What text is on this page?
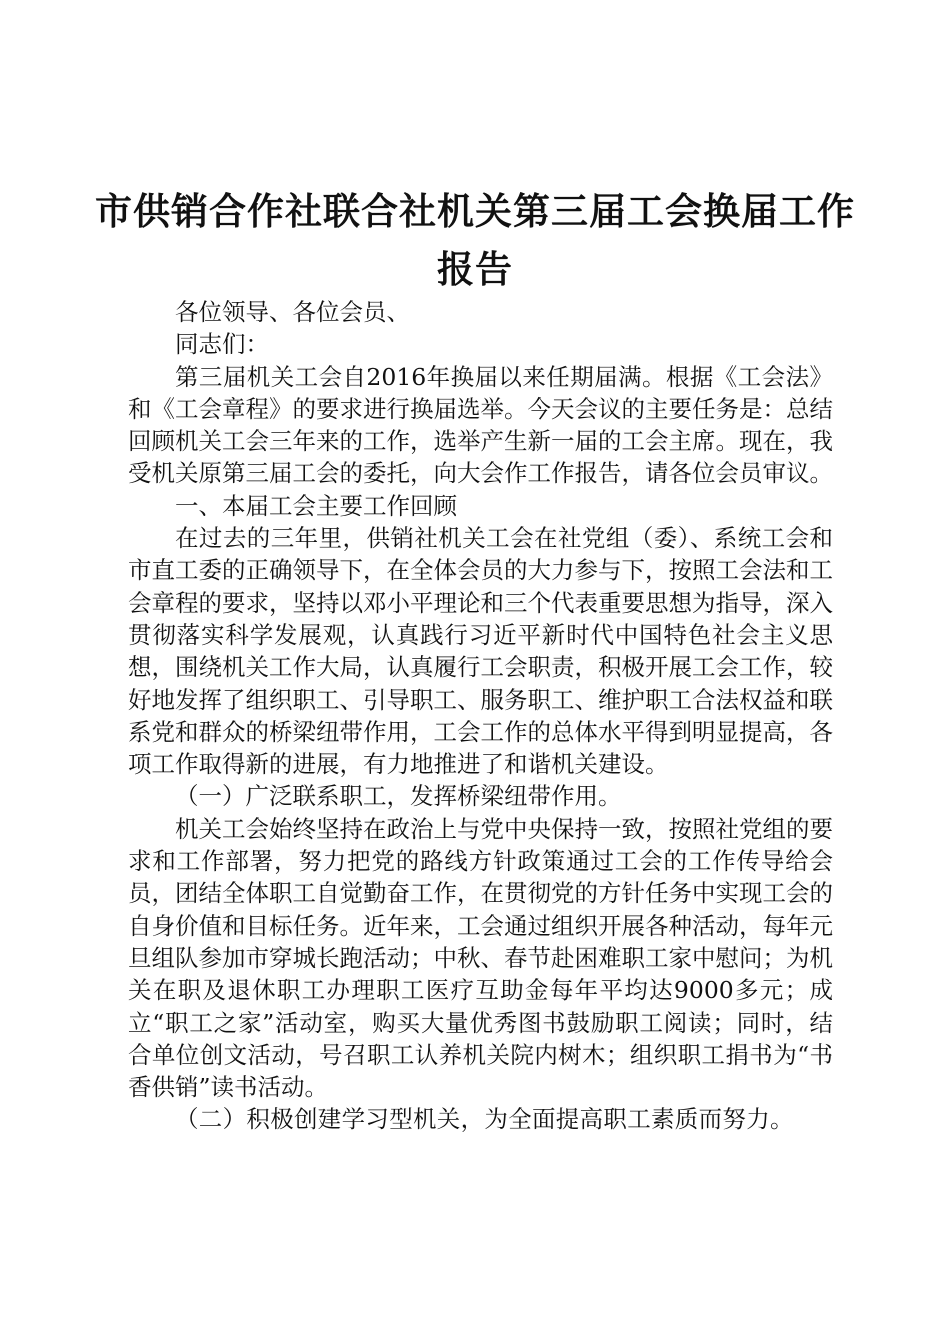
市供销合作社联合社机关第三届工会换届工作
报告

各位领导、各位会员、

同志们：

第三届机关工会自2016年换届以来任期届满。根据《工会法》和《工会章程》的要求进行换届选举。今天会议的主要任务是：总结回顾机关工会三年来的工作，选举产生新一届的工会主席。现在，我受机关原第三届工会的委托，向大会作工作报告，请各位会员审议。

一、本届工会主要工作回顾

在过去的三年里，供销社机关工会在社党组（委）、系统工会和市直工委的正确领导下，在全体会员的大力参与下，按照工会法和工会章程的要求，坚持以邓小平理论和三个代表重要思想为指导，深入贯彻落实科学发展观，认真践行习近平新时代中国特色社会主义思想，围绕机关工作大局，认真履行工会职责，积极开展工会工作，较好地发挥了组织职工、引导职工、服务职工、维护职工合法权益和联系党和群众的桥梁纽带作用，工会工作的总体水平得到明显提高，各项工作取得新的进展，有力地推进了和谐机关建设。

（一）广泛联系职工，发挥桥梁纽带作用。

机关工会始终坚持在政治上与党中央保持一致，按照社党组的要求和工作部署，努力把党的路线方针政策通过工会的工作传导给会员，团结全体职工自觉勤奋工作，在贯彻党的方针任务中实现工会的自身价值和目标任务。近年来，工会通过组织开展各种活动，每年元旦组队参加市穿城长跑活动；中秋、春节赴困难职工家中慰问；为机关在职及退休职工办理职工医疗互助金每年平均达9000多元；成立“职工之家”活动室，购买大量优秀图书鼓励职工阅读；同时，结合单位创文活动，号召职工认养机关院内树木；组织职工捐书为“书香供销”读书活动。

（二）积极创建学习型机关，为全面提高职工素质而努力。
